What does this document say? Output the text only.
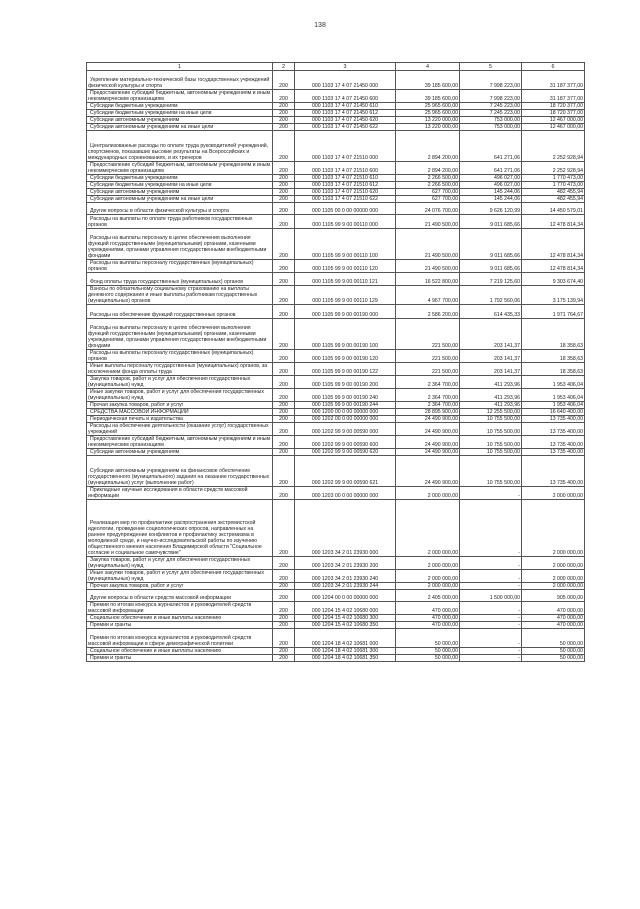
138
1	2	3	4	5	6
Укрепление материально-технической базы государственных учреждений физической культуры и спорта	200	000 1103 17 4 07 21450 000	39 185 600,00	7 998 223,00	31 187 377,00
Предоставление субсидий бюджетным, автономным учреждениям и иным некоммерческим организациям	200	000 1103 17 4 07 21450 600	39 185 600,00	7 998 223,00	31 187 377,00
Субсидии бюджетным учреждениям	200	000 1103 17 4 07 21450 610	25 965 600,00	7 245 223,00	18 720 377,00
Субсидии бюджетным учреждениям на иные цели	200	000 1103 17 4 07 21450 612	25 965 600,00	7 245 223,00	18 720 377,00
Субсидии автономным учреждениям	200	000 1103 17 4 07 21450 620	13 220 000,00	753 000,00	12 467 000,00
Субсидии автономным учреждениям на иные цели	200	000 1103 17 4 07 21450 622	13 220 000,00	753 000,00	12 467 000,00
Централизованные расходы по оплате труда руководителей учреждений, спортсменов, показавших высокие результаты на Всероссийских и международных соревнованиях, и их тренеров	200	000 1103 17 4 07 21510 000	2 894 200,00	641 271,06	2 252 928,94
Предоставление субсидий бюджетным, автономным учреждениям и иным некоммерческим организациям	200	000 1103 17 4 07 21510 600	2 894 200,00	641 271,06	2 252 928,94
Субсидии бюджетным учреждениям	200	000 1103 17 4 07 21510 610	2 266 500,00	496 027,00	1 770 473,00
Субсидии бюджетным учреждениям на иные цели	200	000 1103 17 4 07 21510 612	2 266 500,00	496 027,00	1 770 473,00
Субсидии автономным учреждениям	200	000 1103 17 4 07 21510 620	627 700,00	145 244,06	482 455,94
Субсидии автономным учреждениям на иные цели	200	000 1103 17 4 07 21510 622	627 700,00	145 244,06	482 455,94
Другие вопросы в области физической культуры и спорта	200	000 1105 00 0 00 00000 000	24 076 700,00	9 626 120,99	14 450 579,01
Расходы на выплаты по оплате труда работников государственных органов	200	000 1105 99 9 00 00110 000	21 490 500,00	9 011 685,66	12 478 814,34
Расходы на выплаты персоналу в целях обеспечения выполнения функций государственными (муниципальными) органами, казенными учреждениями, органами управления государственными внебюджетными фондами	200	000 1105 99 9 00 00110 100	21 490 500,00	9 011 685,66	12 478 814,34
Расходы на выплаты персоналу государственных (муниципальных) органов	200	000 1105 99 9 00 00110 120	21 490 500,00	9 011 685,66	12 478 814,34
Фонд оплаты труда государственных (муниципальных) органов	200	000 1105 99 9 00 00110 121	16 522 800,00	7 219 125,60	9 303 674,40
Взносы по обязательному социальному страхованию на выплаты денежного содержания и иные выплаты работникам государственных (муниципальных) органов	200	000 1105 99 9 00 00110 129	4 967 700,00	1 792 560,06	3 175 139,94
Расходы на обеспечение функций государственных органов	200	000 1105 99 9 00 00190 000	2 586 200,00	614 435,33	1 971 764,67
Расходы на выплаты персоналу в целях обеспечения выполнения функций государственными (муниципальными) органами, казенными учреждениями, органами управления государственными внебюджетными фондами	200	000 1105 99 9 00 00190 100	221 500,00	203 141,37	18 358,63
Расходы на выплаты персоналу государственных (муниципальных) органов	200	000 1105 99 9 00 00190 120	221 500,00	203 141,37	18 358,63
Иные выплаты персоналу государственных (муниципальных) органов, за исключением фонда оплаты труда	200	000 1105 99 9 00 00190 122	221 500,00	203 141,37	18 358,63
Закупка товаров, работ и услуг для обеспечения государственных (муниципальных) нужд	200	000 1105 99 9 00 00190 200	2 364 700,00	411 293,96	1 953 406,04
Иные закупки товаров, работ и услуг для обеспечения государственных (муниципальных) нужд	200	000 1105 99 9 00 00190 240	2 364 700,00	411 293,96	1 953 406,04
Прочая закупка товаров, работ и услуг	200	000 1105 99 9 00 00190 244	2 364 700,00	411 293,96	1 953 406,04
СРЕДСТВА МАССОВОЙ ИНФОРМАЦИИ	200	000 1200 00 0 00 00000 000	28 895 900,00	12 255 500,00	16 640 400,00
Периодическая печать и издательства	200	000 1202 00 0 00 00000 000	24 490 900,00	10 755 500,00	13 735 400,00
Расходы на обеспечение деятельности (оказание услуг) государственных учреждений	200	000 1202 99 9 00 00590 000	24 490 900,00	10 755 500,00	13 735 400,00
Предоставление субсидий бюджетным, автономным учреждениям и иным некоммерческим организациям	200	000 1202 99 9 00 00590 600	24 490 900,00	10 755 500,00	13 735 400,00
Субсидии автономным учреждениям	200	000 1202 99 9 00 00590 620	24 490 900,00	10 755 500,00	13 735 400,00
Субсидии автономным учреждениям на финансовое обеспечение государственного (муниципального) задания на оказание государственных (муниципальных) услуг (выполнение работ)	200	000 1202 99 9 00 00590 621	24 490 900,00	10 755 500,00	13 735 400,00
Прикладные научные исследования в области средств массовой информации	200	000 1203 00 0 00 00000 000	2 000 000,00	-	2 000 000,00
Реализация мер по профилактике распространения экстремистской идеологии, проведение социологических опросов, направленных на раннее предупреждение конфликтов и профилактику экстремизма в молодежной среде, и научно-исследовательской работы по изучению общественного мнения населения Владимирской области "Социальное согласие и социальное самочувствие"	200	000 1203 34 2 01 23930 000	2 000 000,00	-	2 000 000,00
Закупка товаров, работ и услуг для обеспечения государственных (муниципальных) нужд	200	000 1203 34 2 01 23930 200	2 000 000,00	-	2 000 000,00
Иные закупки товаров, работ и услуг для обеспечения государственных (муниципальных) нужд	200	000 1203 34 2 01 23930 240	2 000 000,00	-	2 000 000,00
Прочая закупка товаров, работ и услуг	200	000 1203 34 2 01 23930 244	2 000 000,00	-	2 000 000,00
Другие вопросы в области средств массовой информации	200	000 1204 00 0 00 00000 000	2 405 000,00	1 500 000,00	905 000,00
Премии по итогам конкурса журналистов и руководителей средств массовой информации	200	000 1204 15 4 02 10680 000	470 000,00	-	470 000,00
Социальное обеспечение и иные выплаты населению	200	000 1204 15 4 02 10680 300	470 000,00	-	470 000,00
Премии и гранты	200	000 1204 15 4 02 10680 350	470 000,00	-	470 000,00
Премии по итогам конкурса журналистов и руководителей средств массовой информации в сфере демографической политики	200	000 1204 18 4 02 10681 000	50 000,00	-	50 000,00
Социальное обеспечение и иные выплаты населению	200	000 1204 18 4 02 10681 300	50 000,00	-	50 000,00
Премии и гранты	200	000 1204 18 4 02 10681 350	50 000,00	-	50 000,00
